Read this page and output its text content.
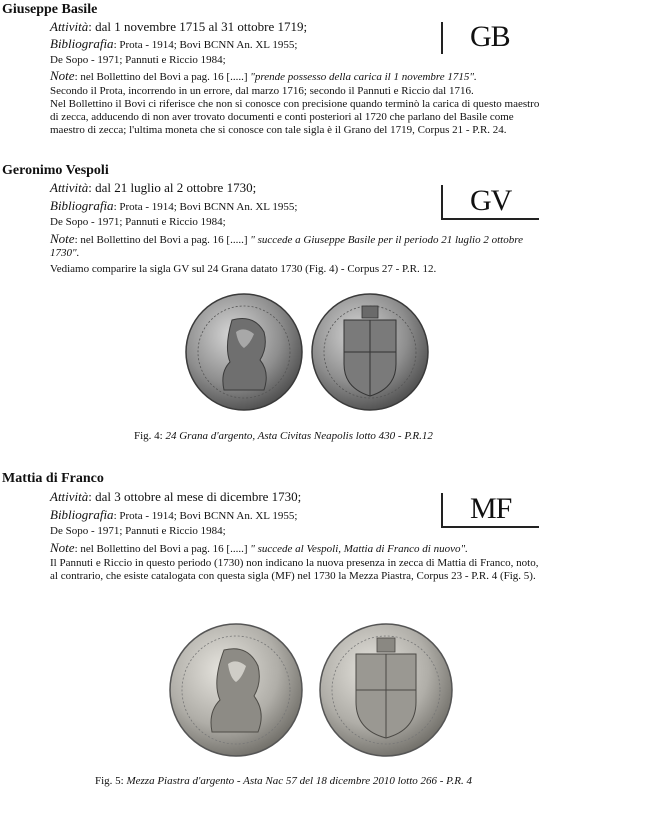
Giuseppe Basile
Attività: dal 1 novembre 1715 al 31 ottobre 1719;
Bibliografia: Prota - 1914; Bovi BCNN An. XL 1955;
De Sopo - 1971; Pannuti e Riccio 1984;
Note: nel Bollettino del Bovi a pag. 16 [.....] "prende possesso della carica il 1 novembre 1715".
Secondo il Prota, incorrendo in un errore, dal marzo 1716; secondo il Pannuti e Riccio dal 1716.
Nel Bollettino il Bovi ci riferisce che non si conosce con precisione quando terminò la carica di questo maestro
di zecca, adducendo di non aver trovato documenti e conti posteriori al 1720 che parlano del Basile come
maestro di zecca; l'ultima moneta che si conosce con tale sigla è il Grano del 1719, Corpus 21 - P.R. 24.
GB
Geronimo Vespoli
Attività: dal 21 luglio al 2 ottobre 1730;
Bibliografia: Prota - 1914; Bovi BCNN An. XL 1955;
De Sopo - 1971; Pannuti e Riccio 1984;
Note: nel Bollettino del Bovi a pag. 16 [.....] " succede a Giuseppe Basile per il periodo 21 luglio 2 ottobre
1730".
Vediamo comparire la sigla GV sul 24 Grana datato 1730 (Fig. 4) - Corpus 27 - P.R. 12.
GV
Fig. 4: 24 Grana d'argento, Asta Civitas Neapolis lotto 430 - P.R.12
Mattia di Franco
Attività: dal 3 ottobre al mese di dicembre 1730;
Bibliografia: Prota - 1914; Bovi BCNN An. XL 1955;
De Sopo - 1971; Pannuti e Riccio 1984;
Note: nel Bollettino del Bovi a pag. 16 [.....] " succede al Vespoli, Mattia di Franco di nuovo".
Il Pannuti e Riccio in questo periodo (1730) non indicano la nuova presenza in zecca di Mattia di Franco, noto,
al contrario, che esiste catalogata con questa sigla (MF) nel 1730 la Mezza Piastra, Corpus 23 - P.R. 4 (Fig. 5).
MF
Fig. 5: Mezza Piastra d'argento - Asta Nac 57 del 18 dicembre 2010 lotto 266 - P.R. 4
